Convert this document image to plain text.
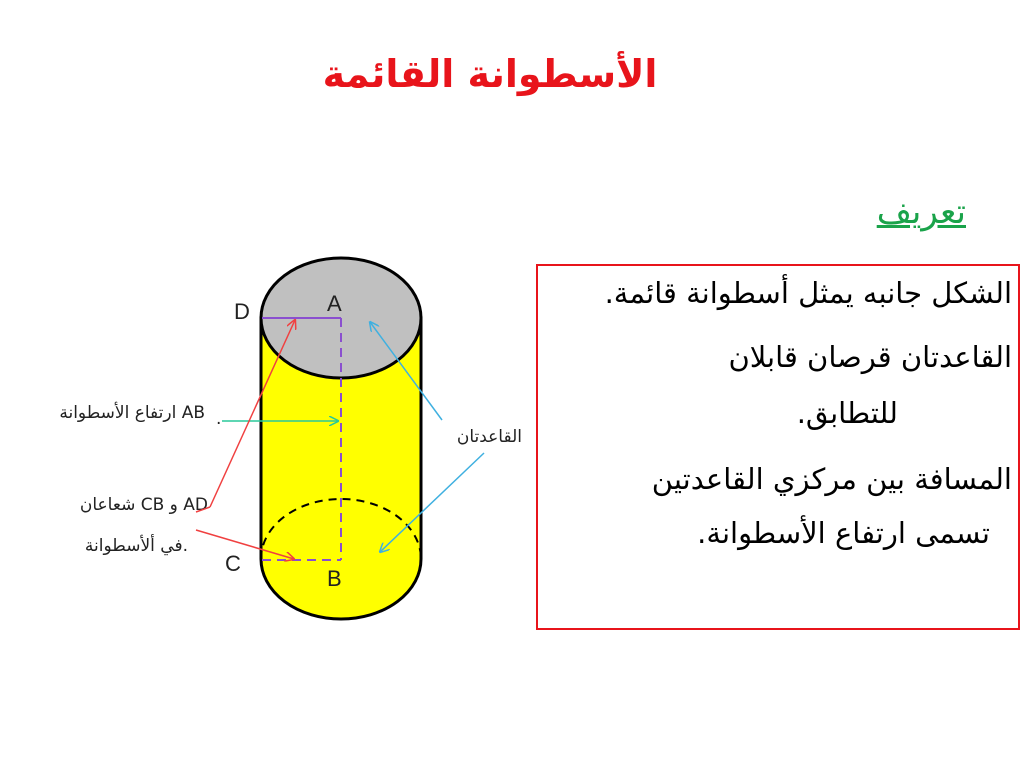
الأسطوانة القائمة
تعريف
الشكل جانبه يمثل أسطوانة قائمة.
القاعدتان قرصان قابلان
للتطابق.
المسافة بين مركزي القاعدتين
تسمى ارتفاع الأسطوانة.
A
D
C
B
ارتفاع الأسطوانة AB .
شعاعان CB و AD
في ألأسطوانة.
القاعدتان
